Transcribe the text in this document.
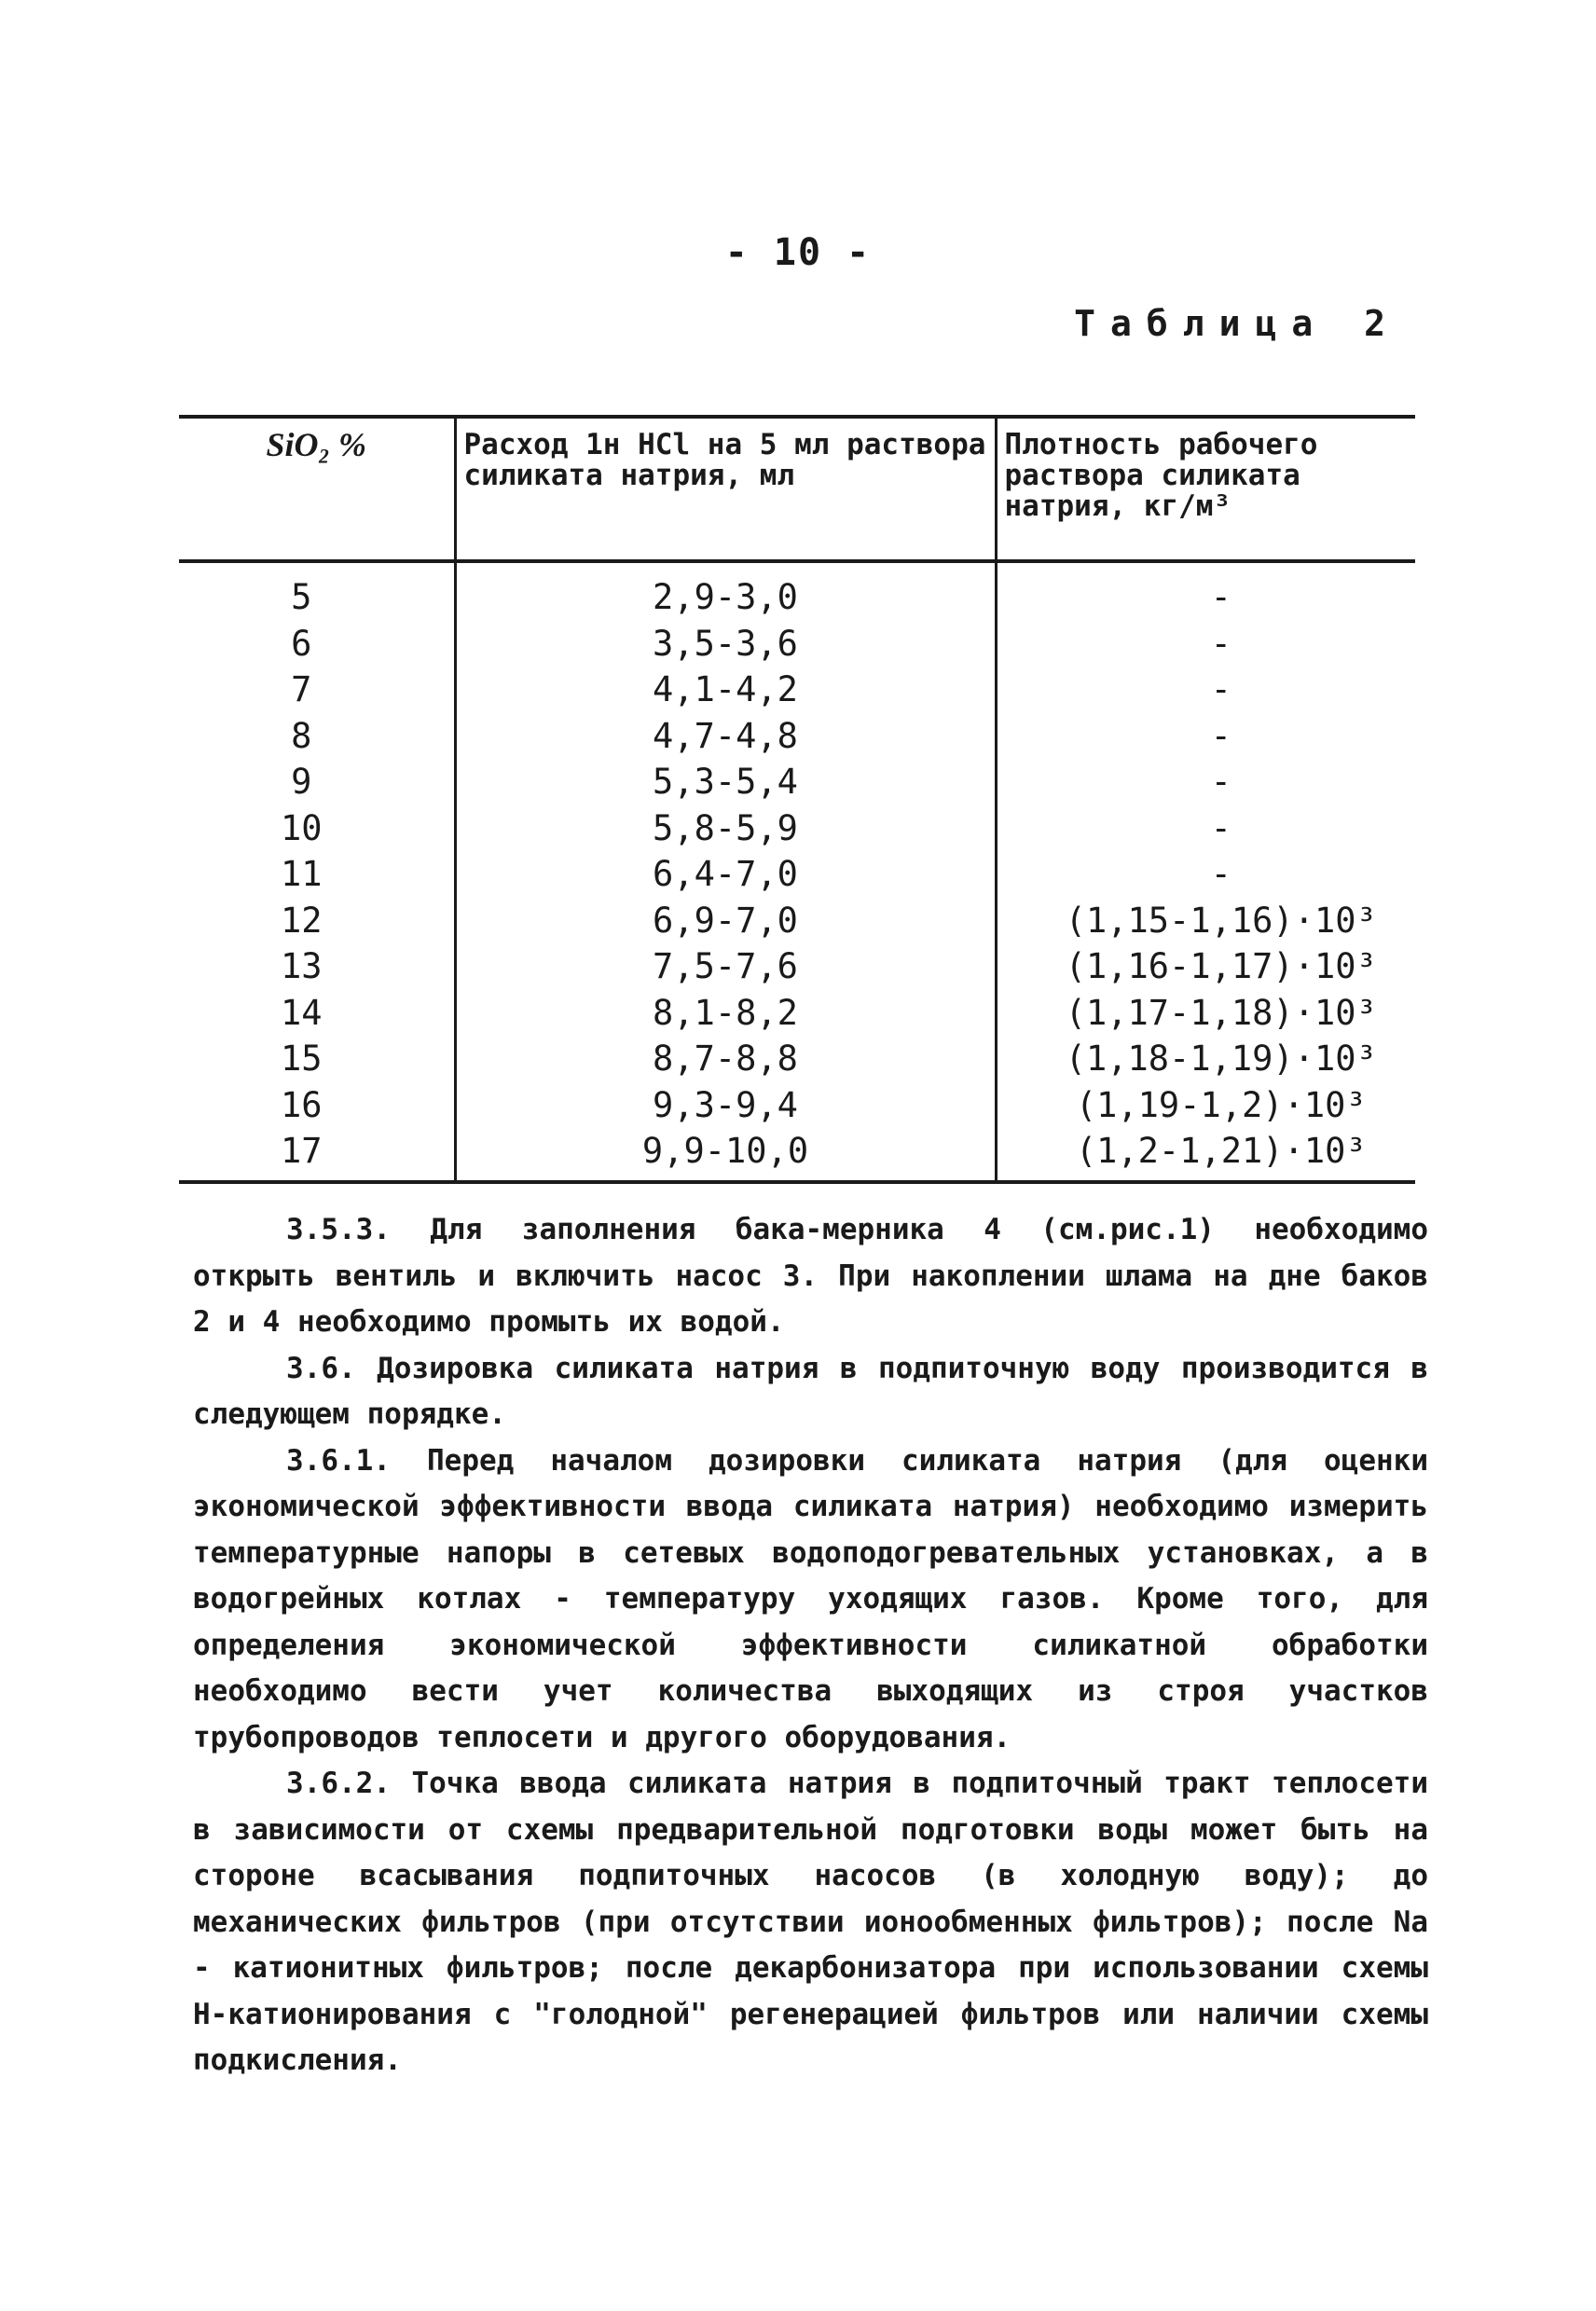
- 10 -
Таблица 2
SiO₂ %	Расход 1н HCl на 5 мл раствора силиката натрия, мл	Плотность рабочего раствора силиката натрия, кг/м³
5	2,9-3,0	-
6	3,5-3,6	-
7	4,1-4,2	-
8	4,7-4,8	-
9	5,3-5,4	-
10	5,8-5,9	-
11	6,4-7,0	-
12	6,9-7,0	(1,15-1,16)·10³
13	7,5-7,6	(1,16-1,17)·10³
14	8,1-8,2	(1,17-1,18)·10³
15	8,7-8,8	(1,18-1,19)·10³
16	9,3-9,4	(1,19-1,2)·10³
17	9,9-10,0	(1,2-1,21)·10³

3.5.3. Для заполнения бака-мерника 4 (см.рис.1) необходимо открыть вентиль и включить насос 3. При накоплении шлама на дне баков 2 и 4 необходимо промыть их водой.

3.6. Дозировка силиката натрия в подпиточную воду производится в следующем порядке.

3.6.1. Перед началом дозировки силиката натрия (для оценки экономической эффективности ввода силиката натрия) необходимо измерить температурные напоры в сетевых водоподогревательных установках, а в водогрейных котлах - температуру уходящих газов. Кроме того, для определения экономической эффективности силикатной обработки необходимо вести учет количества выходящих из строя участков трубопроводов теплосети и другого оборудования.

3.6.2. Точка ввода силиката натрия в подпиточный тракт теплосети в зависимости от схемы предварительной подготовки воды может быть на стороне всасывания подпиточных насосов (в холодную воду); до механических фильтров (при отсутствии ионообменных фильтров); после Na - катионитных фильтров; после декарбонизатора при использовании схемы Н-катионирования с "голодной" регенерацией фильтров или наличии схемы подкисления.
